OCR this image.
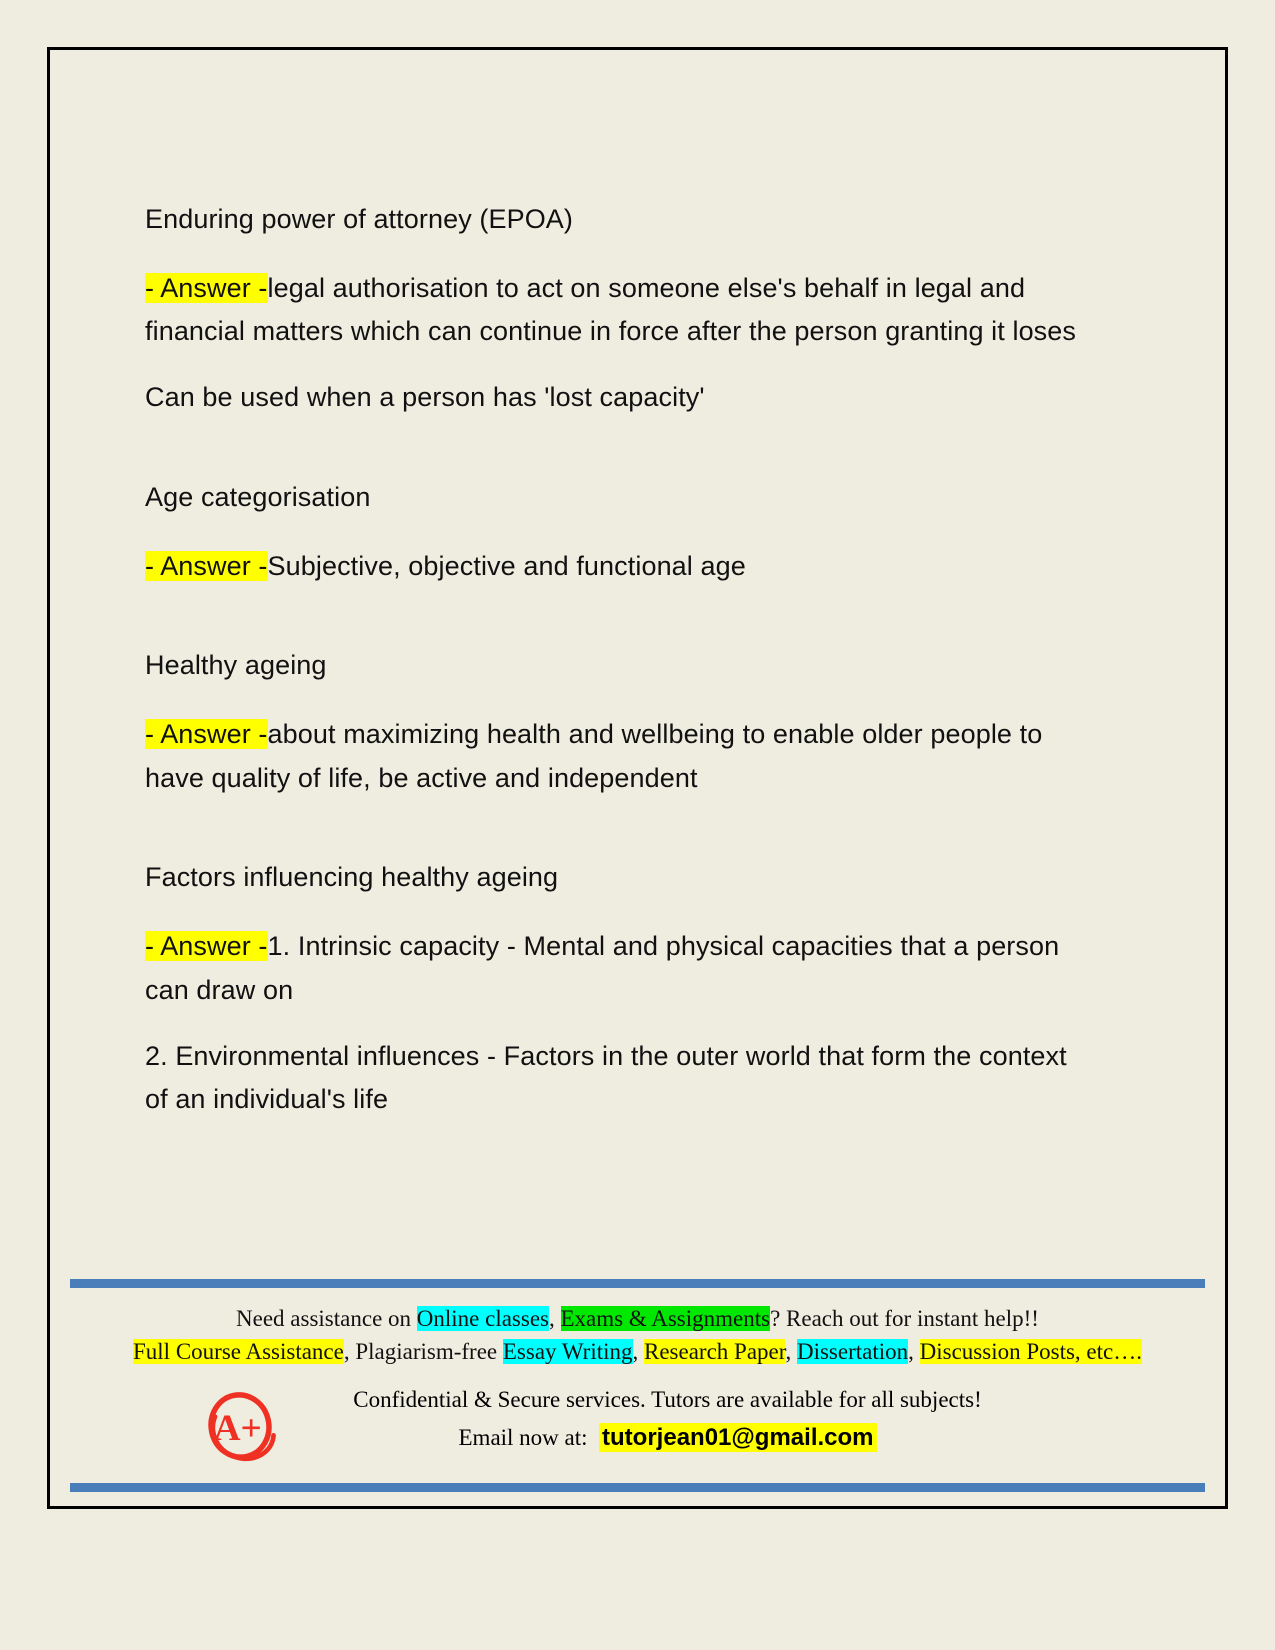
Enduring power of attorney (EPOA)
- Answer -legal authorisation to act on someone else's behalf in legal and financial matters which can continue in force after the person granting it loses
Can be used when a person has 'lost capacity'
Age categorisation
- Answer -Subjective, objective and functional age
Healthy ageing
- Answer -about maximizing health and wellbeing to enable older people to have quality of life, be active and independent
Factors influencing healthy ageing
- Answer -1. Intrinsic capacity - Mental and physical capacities that a person can draw on
2. Environmental influences - Factors in the outer world that form the context of an individual's life
Need assistance on Online classes, Exams & Assignments? Reach out for instant help!!
Full Course Assistance, Plagiarism-free Essay Writing, Research Paper, Dissertation, Discussion Posts, etc….
A+
Confidential & Secure services. Tutors are available for all subjects!
Email now at: tutorjean01@gmail.com
